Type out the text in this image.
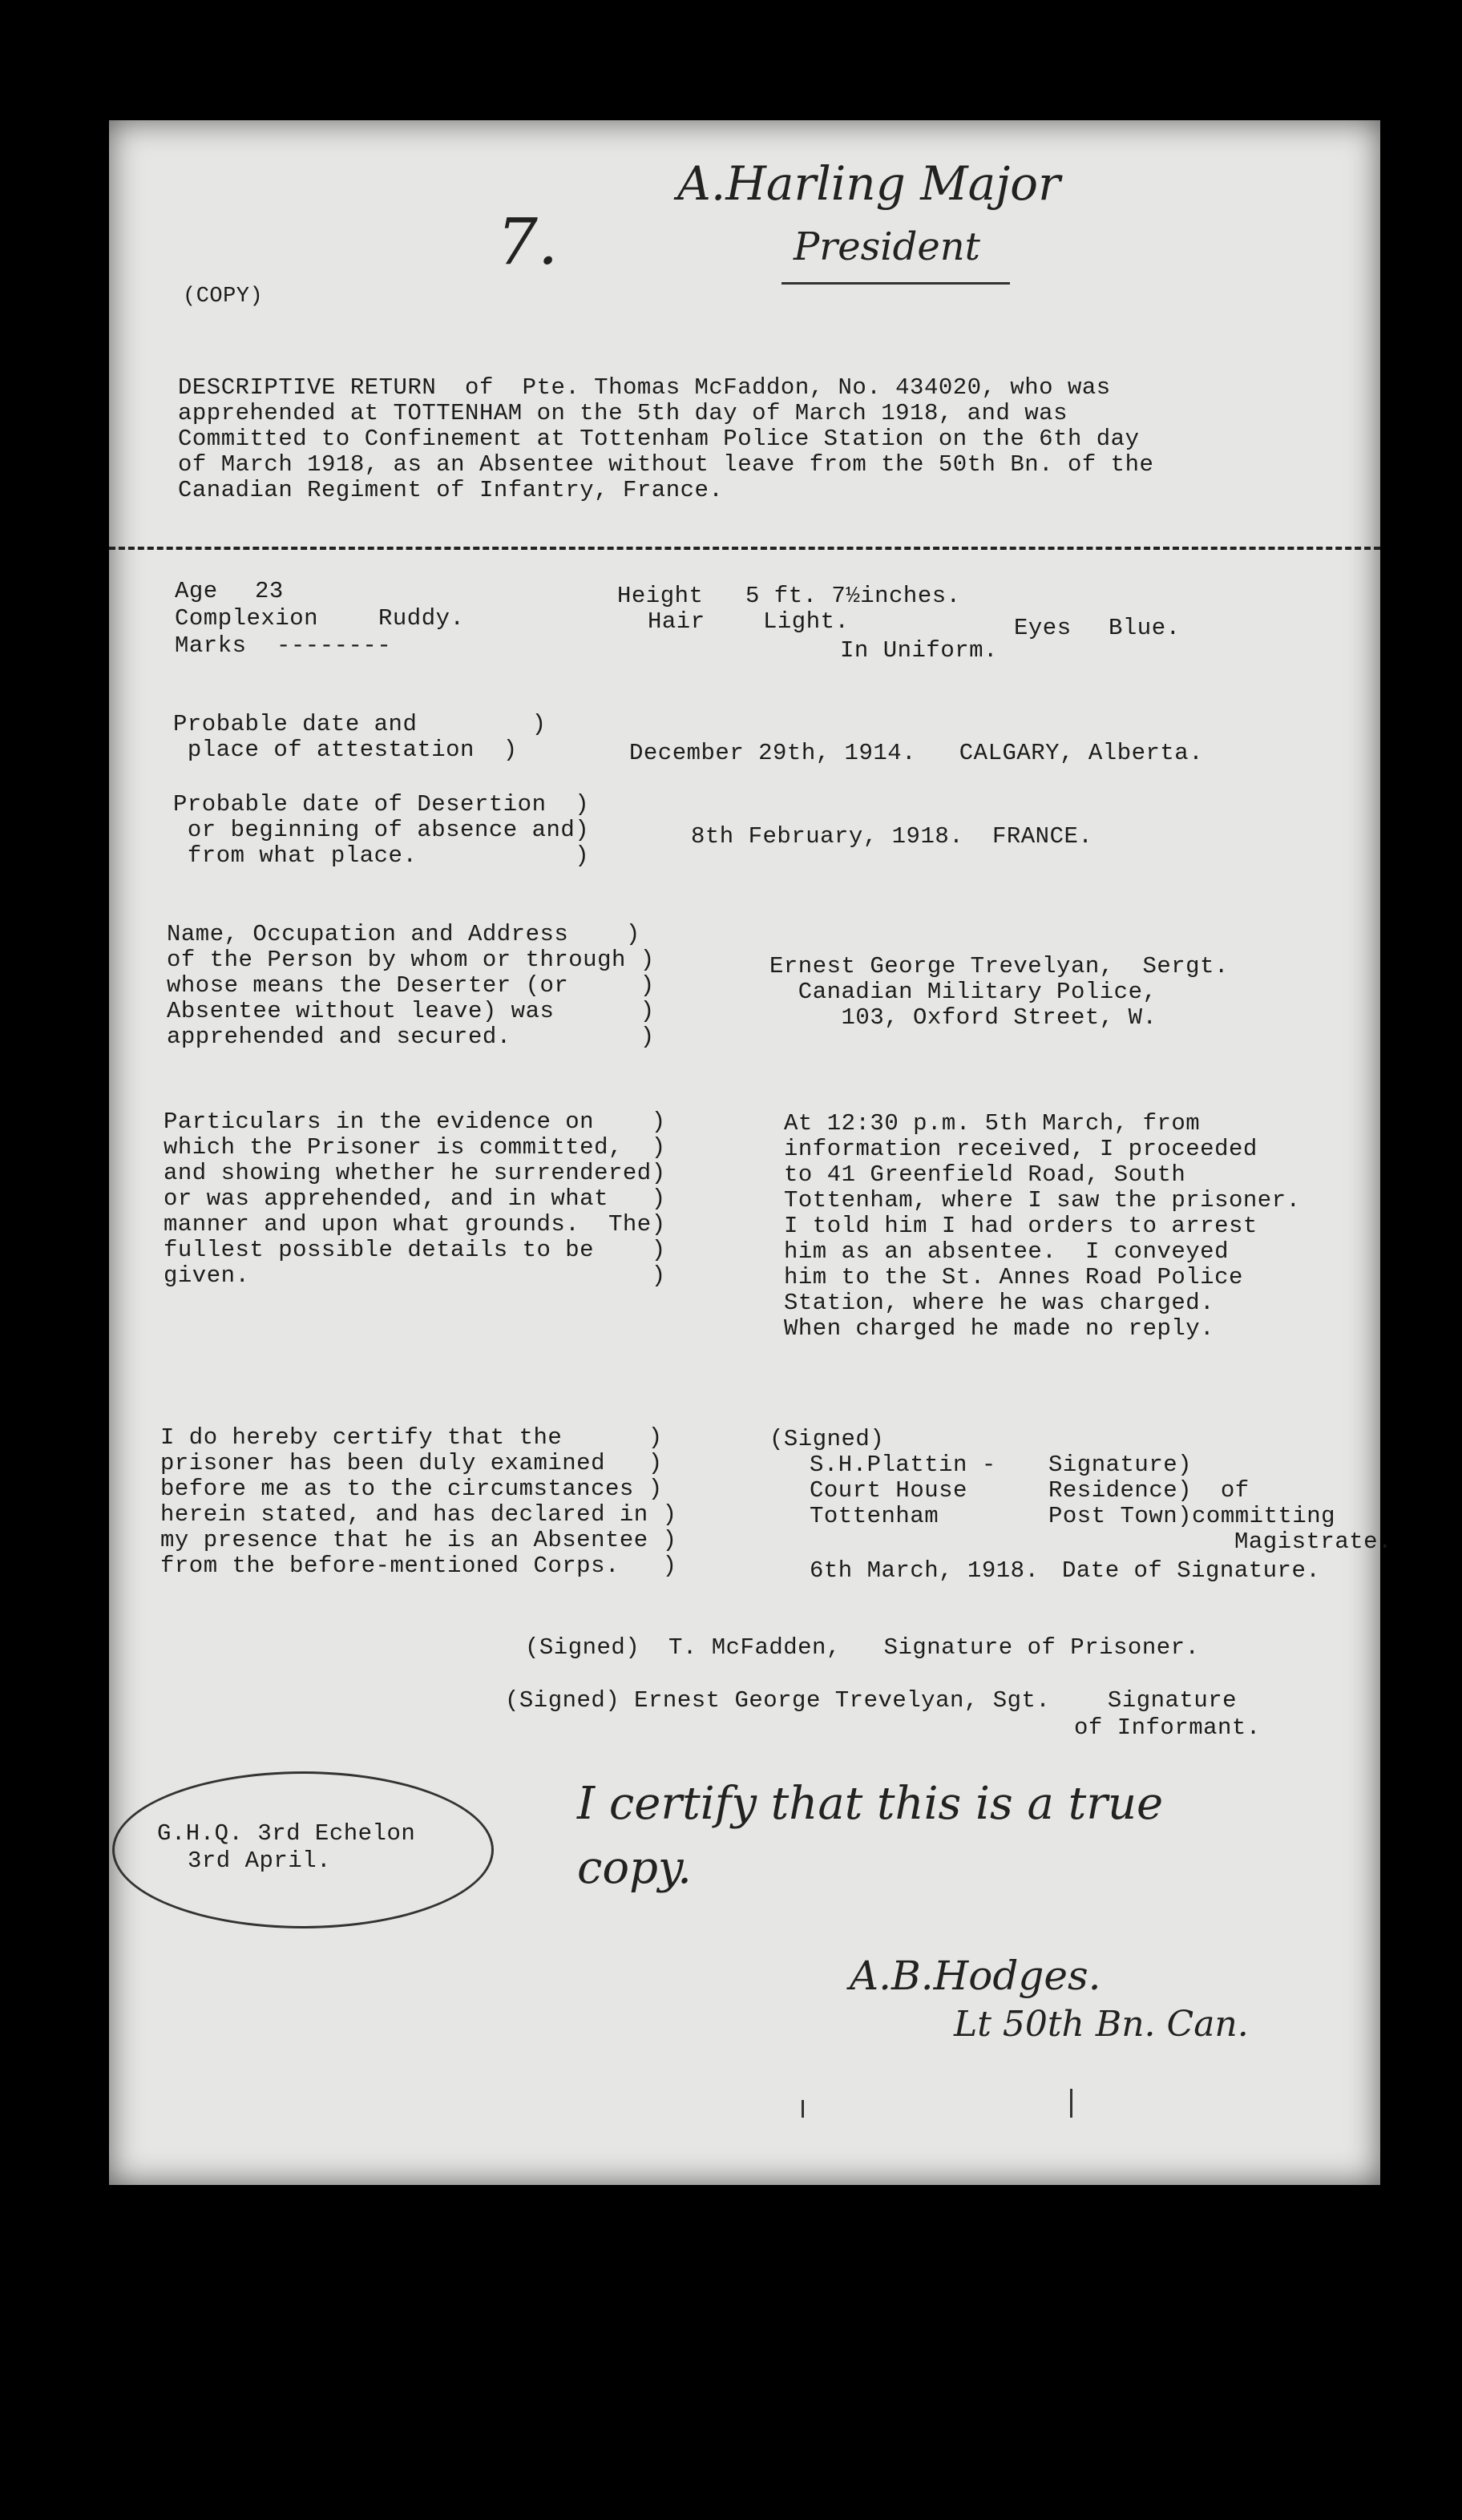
(COPY)
7.
A.Harling Major
President
DESCRIPTIVE RETURN  of  Pte. Thomas McFaddon, No. 434020, who was
apprehended at TOTTENHAM on the 5th day of March 1918, and was
Committed to Confinement at Tottenham Police Station on the 6th day
of March 1918, as an Absentee without leave from the 50th Bn. of the
Canadian Regiment of Infantry, France.
Age 23
Complexion	Ruddy.
Marks --------
Height 5 ft. 7½inches.
Hair Light.
In Uniform.
Eyes Blue.
Probable date and        )
place of attestation  )	December 29th, 1914.   CALGARY, Alberta.
Probable date of Desertion  )
or beginning of absence and)
from what place.           )
8th February, 1918.  FRANCE.
Name, Occupation and Address    )
of the Person by whom or through )
whose means the Deserter (or     )
Absentee without leave) was      )
apprehended and secured.         )
Ernest George Trevelyan,  Sergt.
Canadian Military Police,
103, Oxford Street, W.
Particulars in the evidence on    )
which the Prisoner is committed,  )
and showing whether he surrendered)
or was apprehended, and in what   )
manner and upon what grounds.  The)
fullest possible details to be    )
given.                            )
At 12:30 p.m. 5th March, from
information received, I proceeded
to 41 Greenfield Road, South
Tottenham, where I saw the prisoner.
I told him I had orders to arrest
him as an absentee.  I conveyed
him to the St. Annes Road Police
Station, where he was charged.
When charged he made no reply.
I do hereby certify that the      )
prisoner has been duly examined   )
before me as to the circumstances )
herein stated, and has declared in )
my presence that he is an Absentee )
from the before-mentioned Corps.   )
(Signed)
S.H.Plattin -
Court House
Tottenham
Signature)
Residence)  of
Post Town)committing
Magistrate.
6th March, 1918. Date of Signature.
(Signed)  T. McFadden,   Signature of Prisoner.
(Signed) Ernest George Trevelyan, Sgt.    Signature
of Informant.
G.H.Q. 3rd Echelon
3rd April.
I certify that this is a true
copy.
A.B.Hodges.
Lt 50th Bn. Can.
